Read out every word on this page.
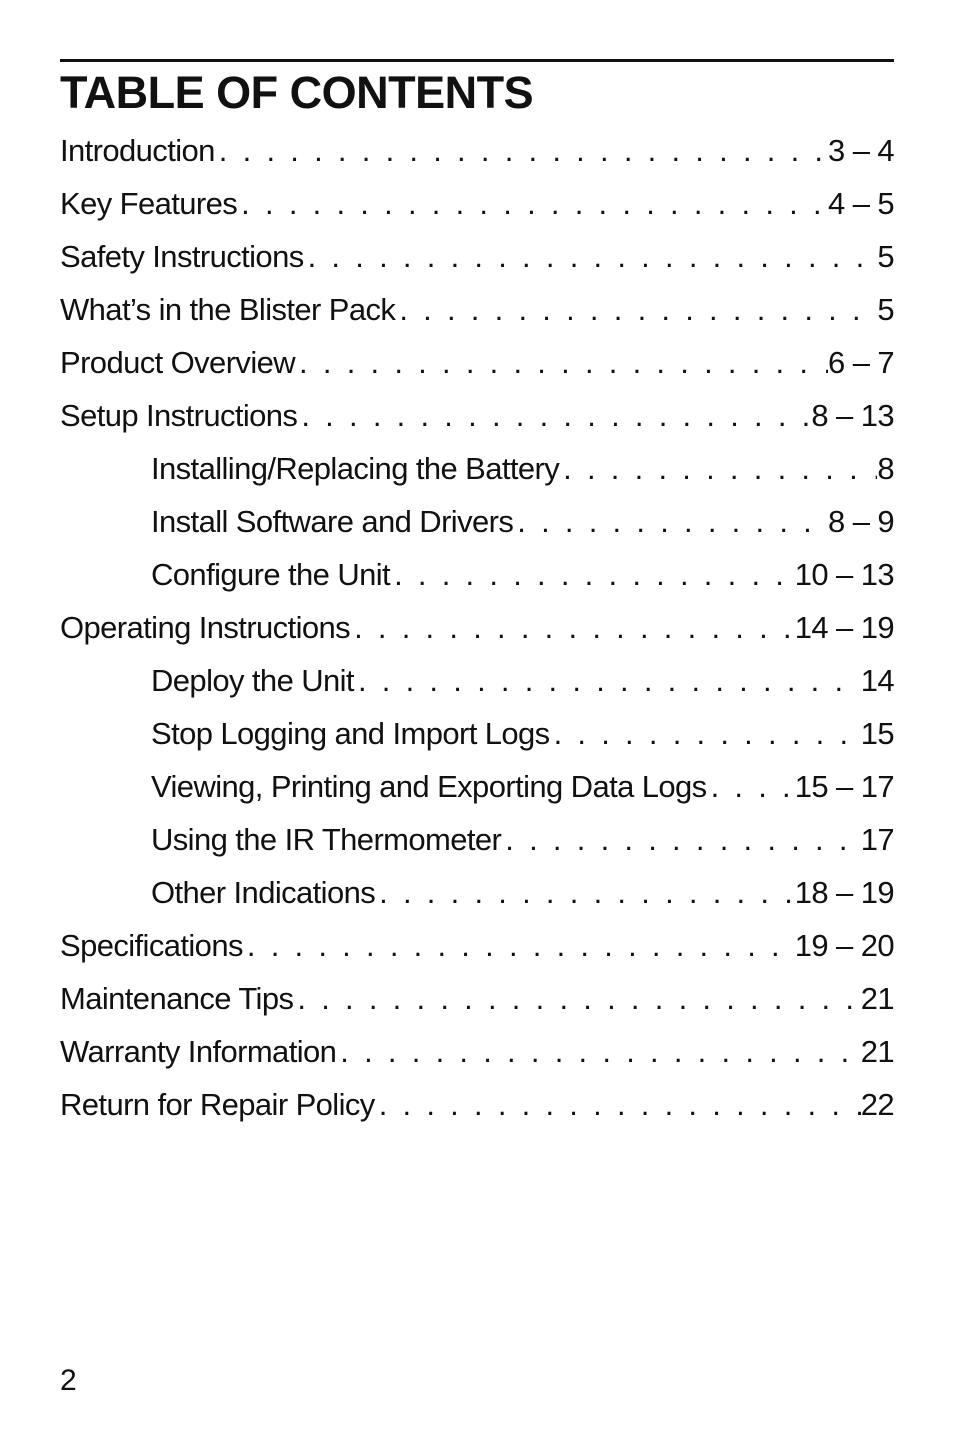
TABLE OF CONTENTS
Introduction . . .	3 – 4
Key Features . . .	4 – 5
Safety Instructions . . .	5
What’s in the Blister Pack . . .	5
Product Overview . . .	6 – 7
Setup Instructions . . .	8 – 13
Installing/Replacing the Battery . . .	8
Install Software and Drivers . . .	8 – 9
Configure the Unit . . .	10 – 13
Operating Instructions . . .	14 – 19
Deploy the Unit . . .	14
Stop Logging and Import Logs . . .	15
Viewing, Printing and Exporting Data Logs . . .	15 – 17
Using the IR Thermometer . . .	17
Other Indications . . .	18 – 19
Specifications . . .	19 – 20
Maintenance Tips . . .	21
Warranty Information . . .	21
Return for Repair Policy . . .	22
2
